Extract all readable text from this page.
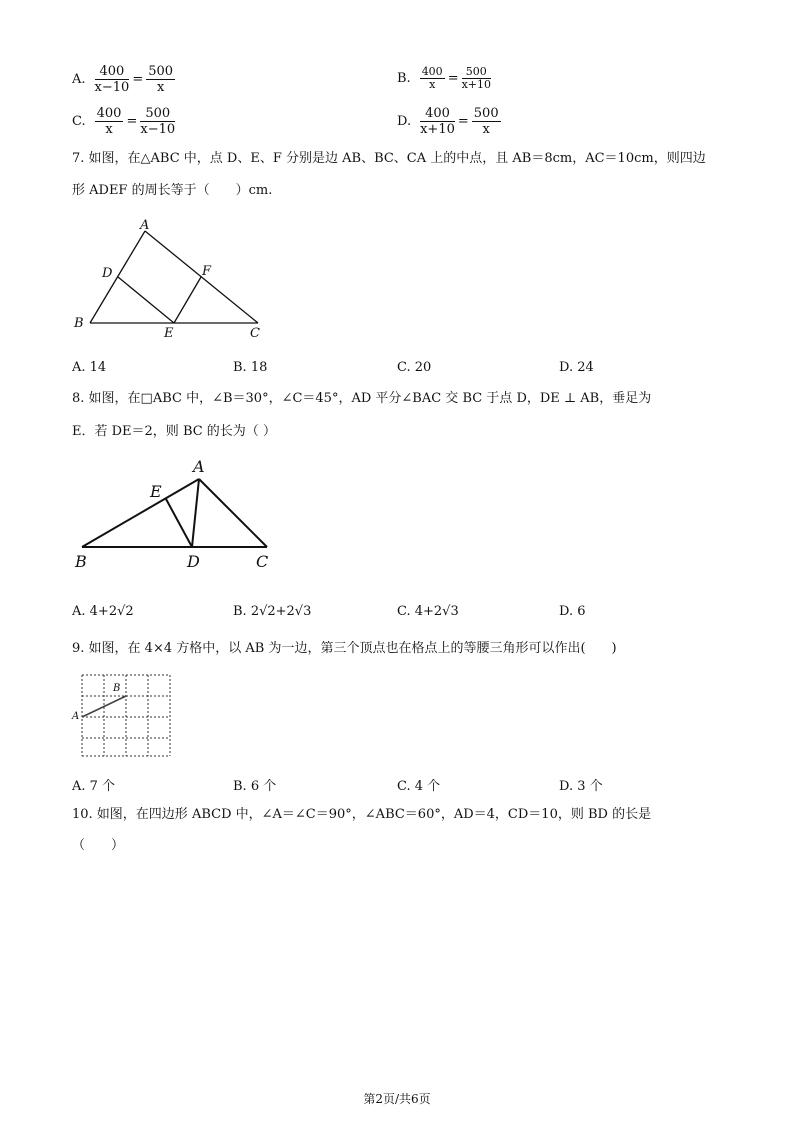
A. $\frac{400}{x-10} = \frac{500}{x}$	B. $\frac{400}{x} = \frac{500}{x+10}$
C. $\frac{400}{x} = \frac{500}{x-10}$	D. $\frac{400}{x+10} = \frac{500}{x}$
7. 如图，在△ABC 中，点 D、E、F 分别是边 AB、BC、CA 上的中点，且 AB＝8cm，AC＝10cm，则四边
形 ADEF 的周长等于（　　）cm.
A
B
C
D
E
F
A. 14	B. 18	C. 20	D. 24
8. 如图，在□ABC 中，∠B＝30°，∠C＝45°，AD 平分∠BAC 交 BC 于点 D，DE ⊥ AB，垂足为
E．若 DE＝2，则 BC 的长为（ ）
A
B	C
D
E
A. 4+2√2	B. 2√2+2√3	C. 4+2√3	D. 6
9. 如图，在 4×4 方格中，以 AB 为一边，第三个顶点也在格点上的等腰三角形可以作出(　　)
A
B
A. 7 个	B. 6 个	C. 4 个	D. 3 个
10. 如图，在四边形 ABCD 中，∠A＝∠C＝90°，∠ABC＝60°，AD＝4，CD＝10，则 BD 的长是
（　　）
第2页/共6页
